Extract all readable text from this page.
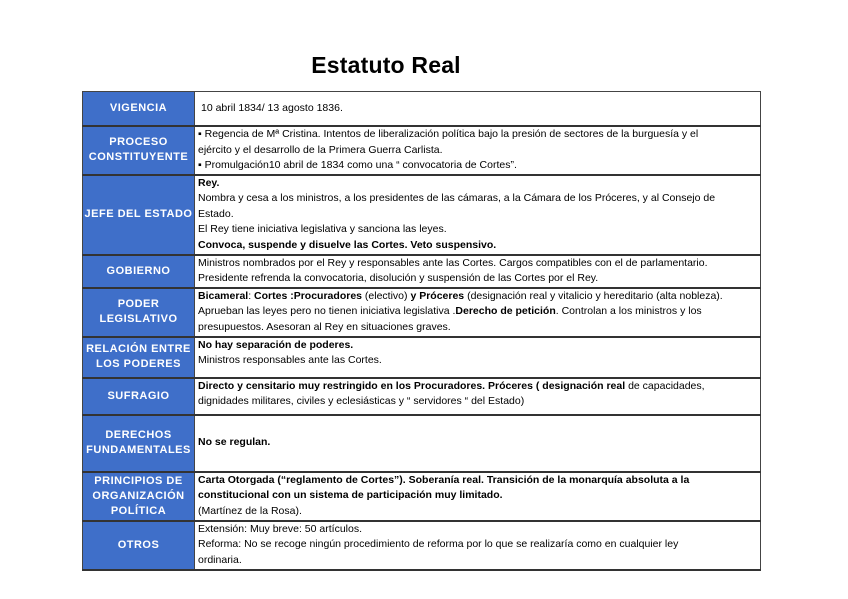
Estatuto Real
VIGENCIA	10 abril 1834/ 13 agosto 1836.

PROCESO CONSTITUYENTE	▪ Regencia de Mª Cristina. Intentos de liberalización política bajo la presión de sectores de la burguesía y el

ejército y el desarrollo de la Primera Guerra Carlista.

▪ Promulgación10 abril de 1834 como una “ convocatoria de Cortes”.

JEFE DEL ESTADO	Rey.

Nombra y cesa a los ministros, a los presidentes de las cámaras, a la Cámara de los Próceres, y al Consejo de

Estado.

El Rey tiene iniciativa legislativa y sanciona las leyes.

Convoca, suspende y disuelve las Cortes. Veto suspensivo.

GOBIERNO	Ministros nombrados por el Rey y responsables ante las Cortes. Cargos compatibles con el de parlamentario.

Presidente refrenda la convocatoria, disolución y suspensión de las Cortes por el Rey.

PODER LEGISLATIVO	Bicameral: Cortes :Procuradores (electivo) y Próceres (designación real y vitalicio y hereditario (alta nobleza).

Aprueban las leyes pero no tienen iniciativa legislativa .Derecho de petición. Controlan a los ministros y los

presupuestos. Asesoran al Rey en situaciones graves.

RELACIÓN ENTRE LOS PODERES	No hay separación de poderes.

Ministros responsables ante las Cortes.

SUFRAGIO	Directo y censitario muy restringido en los Procuradores. Próceres ( designación real de capacidades,

dignidades militares, civiles y eclesiásticas y “ servidores “ del Estado)

DERECHOS FUNDAMENTALES	No se regulan.

PRINCIPIOS DE ORGANIZACIÓN POLÍTICA	Carta Otorgada (“reglamento de Cortes”). Soberanía real. Transición de la monarquía absoluta a la

constitucional con un sistema de participación muy limitado.

(Martínez de la Rosa).

OTROS	Extensión: Muy breve: 50 artículos.

Reforma: No se recoge ningún procedimiento de reforma por lo que se realizaría como en cualquier ley

ordinaria.
